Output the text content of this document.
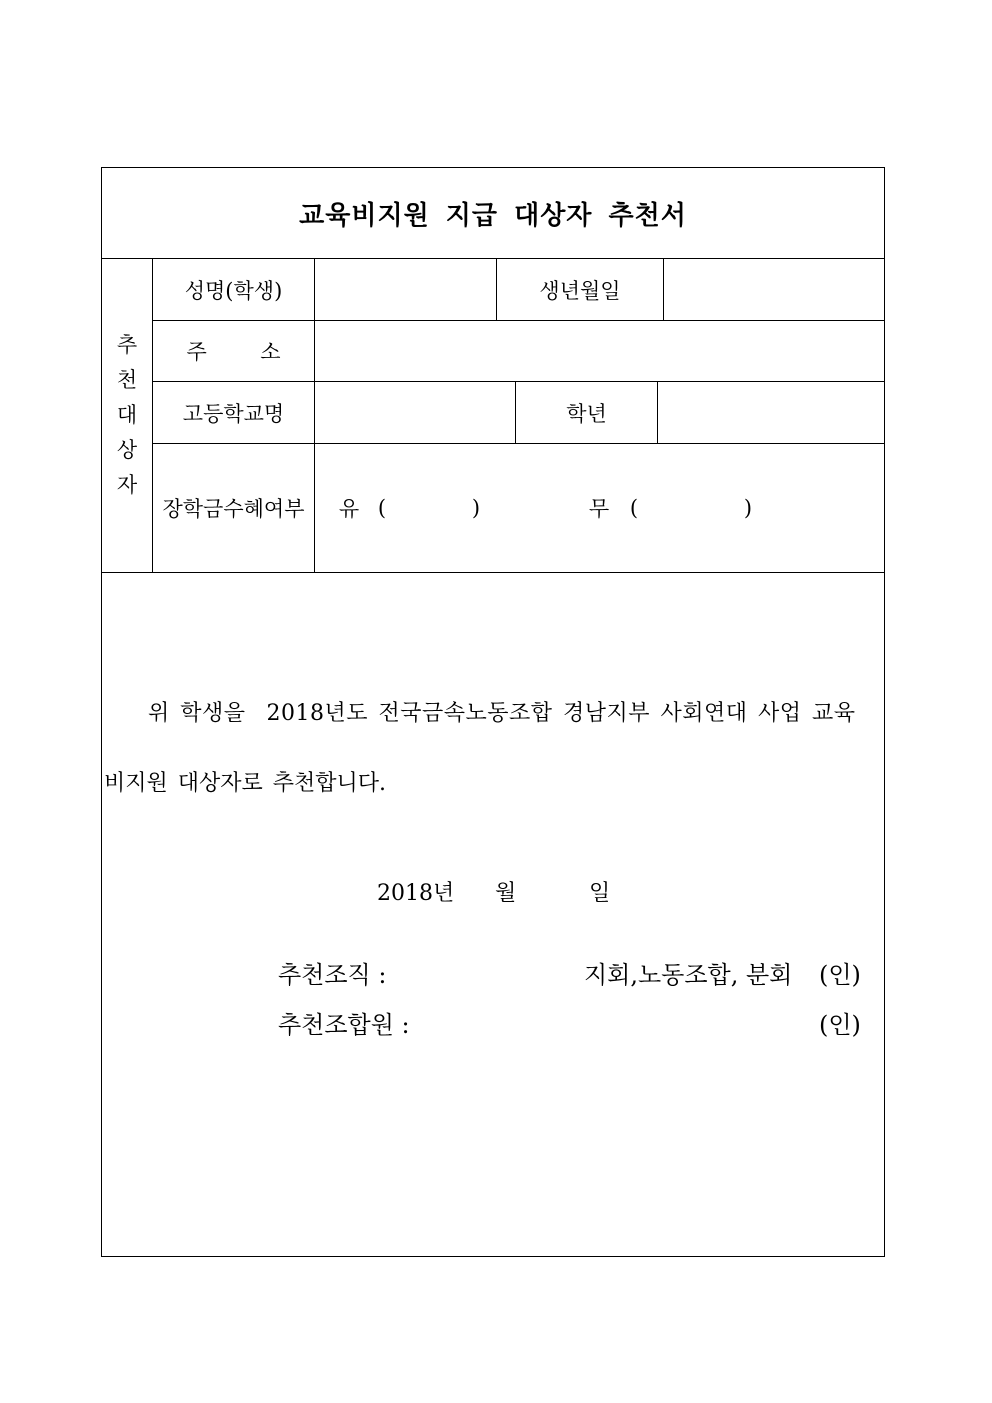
교육비지원 지급 대상자 추천서
추
천
대
상
자
성명(학생)	생년월일
주        소
고등학교명	학년
장학금수혜여부	유 (	)	무 (	)
위 학생을  2018년도 전국금속노동조합 경남지부 사회연대 사업 교육
비지원 대상자로 추천합니다.
2018년 월	일
추천조직 :	지회,노동조합, 분회 (인)
추천조합원 :	(인)
